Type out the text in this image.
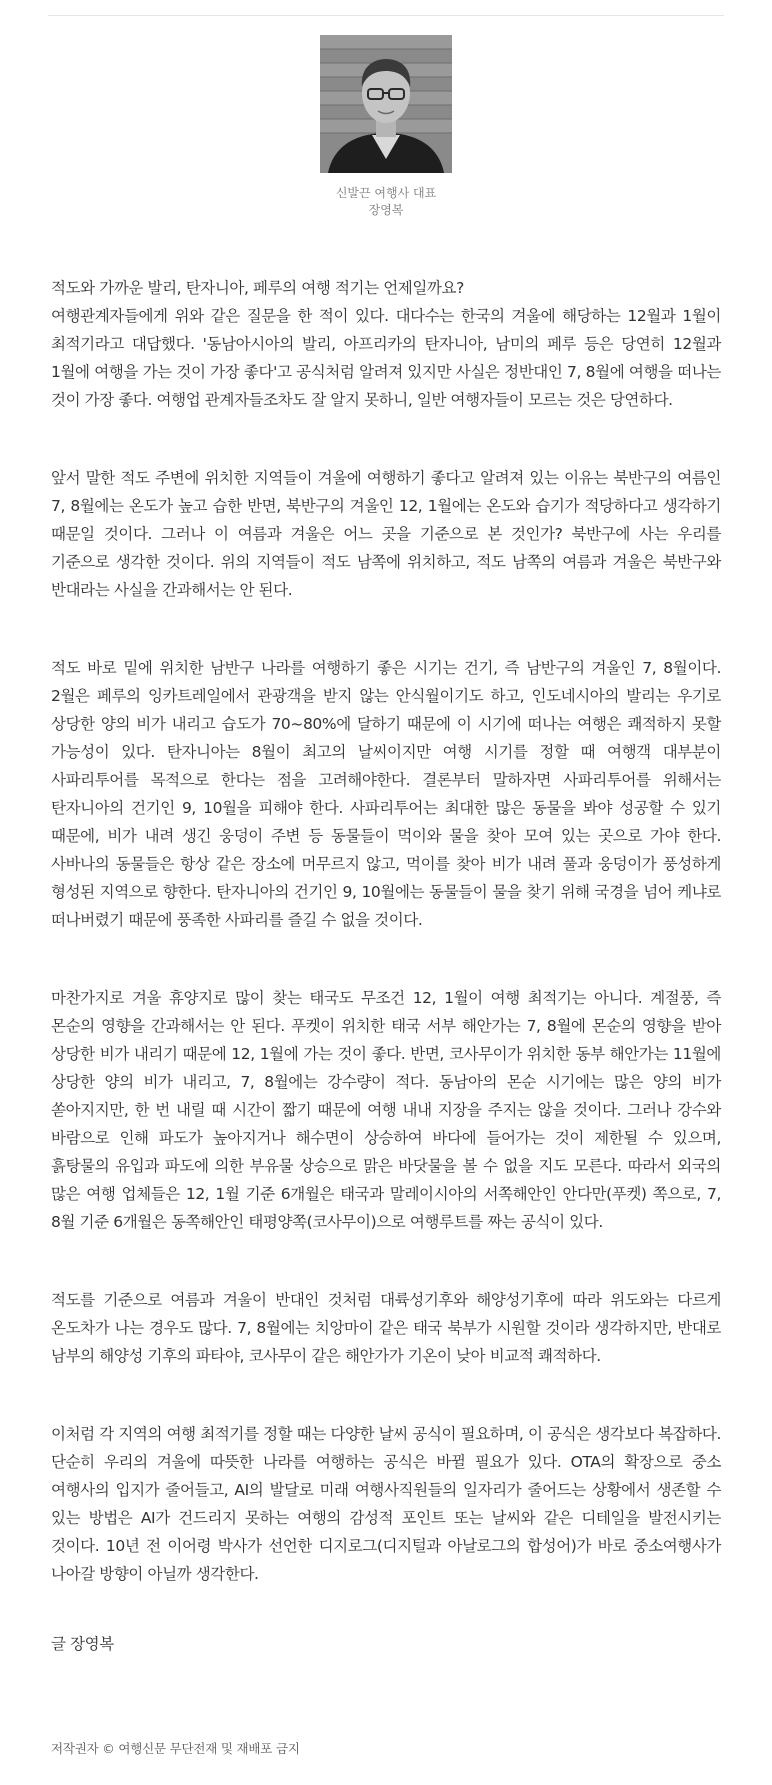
신발끈 여행사 대표
장영복

적도와 가까운 발리, 탄자니아, 페루의 여행 적기는 언제일까요?
여행관계자들에게 위와 같은 질문을 한 적이 있다. 대다수는 한국의 겨울에 해당하는 12월과 1월이 최적기라고 대답했다. '동남아시아의 발리, 아프리카의 탄자니아, 남미의 페루 등은 당연히 12월과 1월에 여행을 가는 것이 가장 좋다'고 공식처럼 알려져 있지만 사실은 정반대인 7, 8월에 여행을 떠나는 것이 가장 좋다. 여행업 관계자들조차도 잘 알지 못하니, 일반 여행자들이 모르는 것은 당연하다.

앞서 말한 적도 주변에 위치한 지역들이 겨울에 여행하기 좋다고 알려져 있는 이유는 북반구의 여름인 7, 8월에는 온도가 높고 습한 반면, 북반구의 겨울인 12, 1월에는 온도와 습기가 적당하다고 생각하기 때문일 것이다. 그러나 이 여름과 겨울은 어느 곳을 기준으로 본 것인가? 북반구에 사는 우리를 기준으로 생각한 것이다. 위의 지역들이 적도 남쪽에 위치하고, 적도 남쪽의 여름과 겨울은 북반구와 반대라는 사실을 간과해서는 안 된다.

적도 바로 밑에 위치한 남반구 나라를 여행하기 좋은 시기는 건기, 즉 남반구의 겨울인 7, 8월이다. 2월은 페루의 잉카트레일에서 관광객을 받지 않는 안식월이기도 하고, 인도네시아의 발리는 우기로 상당한 양의 비가 내리고 습도가 70~80%에 달하기 때문에 이 시기에 떠나는 여행은 쾌적하지 못할 가능성이 있다. 탄자니아는 8월이 최고의 날씨이지만 여행 시기를 정할 때 여행객 대부분이 사파리투어를 목적으로 한다는 점을 고려해야한다. 결론부터 말하자면 사파리투어를 위해서는 탄자니아의 건기인 9, 10월을 피해야 한다. 사파리투어는 최대한 많은 동물을 봐야 성공할 수 있기 때문에, 비가 내려 생긴 웅덩이 주변 등 동물들이 먹이와 물을 찾아 모여 있는 곳으로 가야 한다. 사바나의 동물들은 항상 같은 장소에 머무르지 않고, 먹이를 찾아 비가 내려 풀과 웅덩이가 풍성하게 형성된 지역으로 향한다. 탄자니아의 건기인 9, 10월에는 동물들이 물을 찾기 위해 국경을 넘어 케냐로 떠나버렸기 때문에 풍족한 사파리를 즐길 수 없을 것이다.

마찬가지로 겨울 휴양지로 많이 찾는 태국도 무조건 12, 1월이 여행 최적기는 아니다. 계절풍, 즉 몬순의 영향을 간과해서는 안 된다. 푸켓이 위치한 태국 서부 해안가는 7, 8월에 몬순의 영향을 받아 상당한 비가 내리기 때문에 12, 1월에 가는 것이 좋다. 반면, 코사무이가 위치한 동부 해안가는 11월에 상당한 양의 비가 내리고, 7, 8월에는 강수량이 적다. 동남아의 몬순 시기에는 많은 양의 비가 쏟아지지만, 한 번 내릴 때 시간이 짧기 때문에 여행 내내 지장을 주지는 않을 것이다. 그러나 강수와 바람으로 인해 파도가 높아지거나 해수면이 상승하여 바다에 들어가는 것이 제한될 수 있으며, 흙탕물의 유입과 파도에 의한 부유물 상승으로 맑은 바닷물을 볼 수 없을 지도 모른다. 따라서 외국의 많은 여행 업체들은 12, 1월 기준 6개월은 태국과 말레이시아의 서쪽해안인 안다만(푸켓) 쪽으로, 7, 8월 기준 6개월은 동쪽해안인 태평양쪽(코사무이)으로 여행루트를 짜는 공식이 있다.

적도를 기준으로 여름과 겨울이 반대인 것처럼 대륙성기후와 해양성기후에 따라 위도와는 다르게 온도차가 나는 경우도 많다. 7, 8월에는 치앙마이 같은 태국 북부가 시원할 것이라 생각하지만, 반대로 남부의 해양성 기후의 파타야, 코사무이 같은 해안가가 기온이 낮아 비교적 쾌적하다.

이처럼 각 지역의 여행 최적기를 정할 때는 다양한 날씨 공식이 필요하며, 이 공식은 생각보다 복잡하다. 단순히 우리의 겨울에 따뜻한 나라를 여행하는 공식은 바뀔 필요가 있다. OTA의 확장으로 중소 여행사의 입지가 줄어들고, AI의 발달로 미래 여행사직원들의 일자리가 줄어드는 상황에서 생존할 수 있는 방법은 AI가 건드리지 못하는 여행의 감성적 포인트 또는 날씨와 같은 디테일을 발전시키는 것이다. 10년 전 이어령 박사가 선언한 디지로그(디지털과 아날로그의 합성어)가 바로 중소여행사가 나아갈 방향이 아닐까 생각한다.

글 장영복
저작권자 © 여행신문 무단전재 및 재배포 금지
